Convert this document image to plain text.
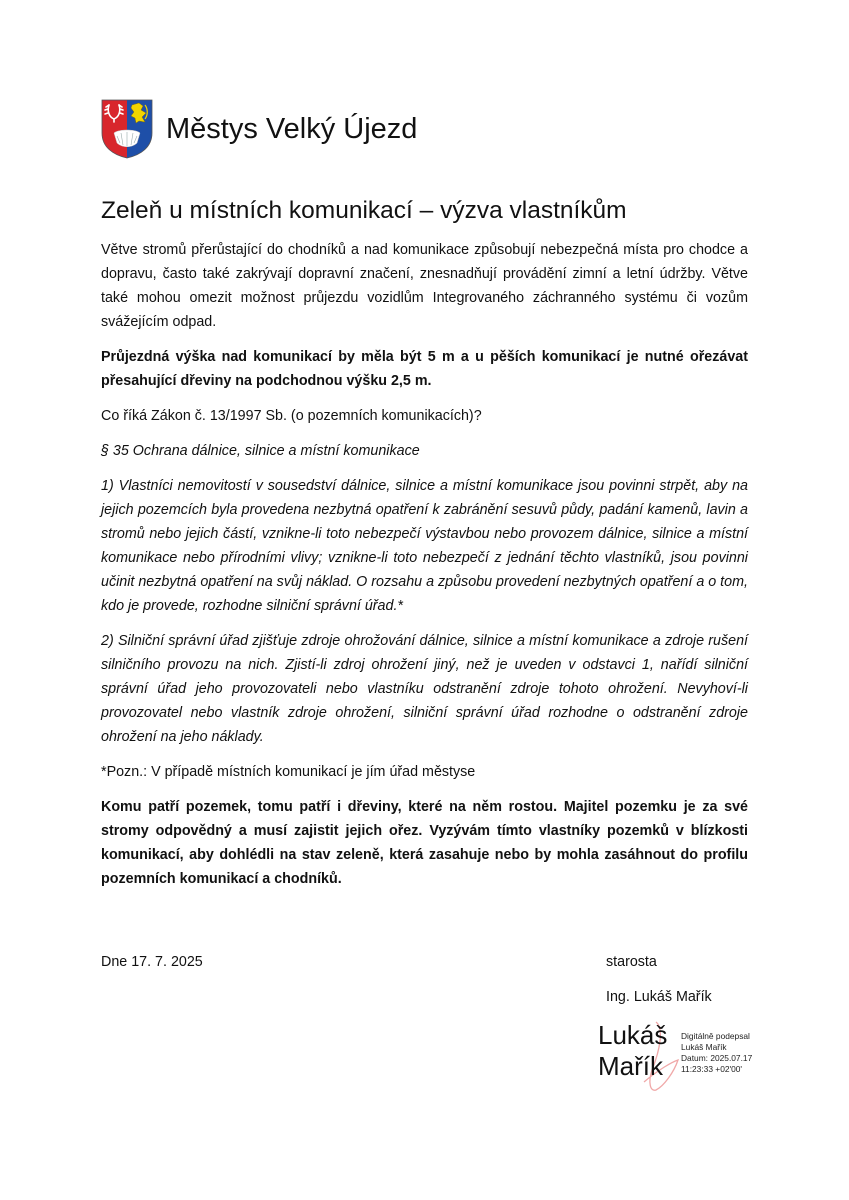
Městys Velký Újezd
Zeleň u místních komunikací – výzva vlastníkům

Větve stromů přerůstající do chodníků a nad komunikace způsobují nebezpečná místa pro chodce a dopravu, často také zakrývají dopravní značení, znesnadňují provádění zimní a letní údržby. Větve také mohou omezit možnost průjezdu vozidlům Integrovaného záchranného systému či vozům svážejícím odpad.

Průjezdná výška nad komunikací by měla být 5 m a u pěších komunikací je nutné ořezávat přesahující dřeviny na podchodnou výšku 2,5 m.

Co říká Zákon č. 13/1997 Sb. (o pozemních komunikacích)?

§ 35 Ochrana dálnice, silnice a místní komunikace

1) Vlastníci nemovitostí v sousedství dálnice, silnice a místní komunikace jsou povinni strpět, aby na jejich pozemcích byla provedena nezbytná opatření k zabránění sesuvů půdy, padání kamenů, lavin a stromů nebo jejich částí, vznikne-li toto nebezpečí výstavbou nebo provozem dálnice, silnice a místní komunikace nebo přírodními vlivy; vznikne-li toto nebezpečí z jednání těchto vlastníků, jsou povinni učinit nezbytná opatření na svůj náklad. O rozsahu a způsobu provedení nezbytných opatření a o tom, kdo je provede, rozhodne silniční správní úřad.*

2) Silniční správní úřad zjišťuje zdroje ohrožování dálnice, silnice a místní komunikace a zdroje rušení silničního provozu na nich. Zjistí-li zdroj ohrožení jiný, než je uveden v odstavci 1, nařídí silniční správní úřad jeho provozovateli nebo vlastníku odstranění zdroje tohoto ohrožení. Nevyhoví-li provozovatel nebo vlastník zdroje ohrožení, silniční správní úřad rozhodne o odstranění zdroje ohrožení na jeho náklady.

*Pozn.: V případě místních komunikací je jím úřad městyse

Komu patří pozemek, tomu patří i dřeviny, které na něm rostou. Majitel pozemku je za své stromy odpovědný a musí zajistit jejich ořez. Vyzývám tímto vlastníky pozemků v blízkosti komunikací, aby dohlédli na stav zeleně, která zasahuje nebo by mohla zasáhnout do profilu pozemních komunikací a chodníků.

Dne 17. 7. 2025	starosta
Ing. Lukáš Mařík
Lukáš
Mařík
Digitálně podepsal
Lukáš Mařík
Datum: 2025.07.17
11:23:33 +02'00'
